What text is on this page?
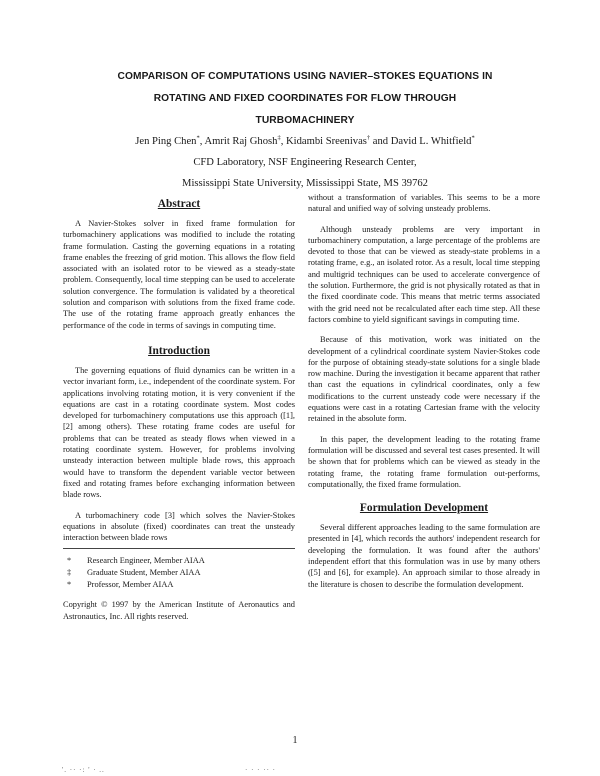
COMPARISON OF COMPUTATIONS USING NAVIER–STOKES EQUATIONS IN
ROTATING AND FIXED COORDINATES FOR FLOW THROUGH
TURBOMACHINERY
Jen Ping Chen*, Amrit Raj Ghosh‡, Kidambi Sreenivas† and David L. Whitfield*
CFD Laboratory, NSF Engineering Research Center,
Mississippi State University, Mississippi State, MS 39762
Abstract

A Navier-Stokes solver in fixed frame formulation for turbomachinery applications was modified to include the rotating frame formulation. Casting the governing equations in a rotating frame enables the freezing of grid motion. This allows the flow field associated with an isolated rotor to be viewed as a steady-state problem. Consequently, local time stepping can be used to accelerate solution convergence. The formulation is validated by a theoretical solution and comparison with solutions from the fixed frame code. The use of the rotating frame approach greatly enhances the performance of the code in terms of savings in computing time.

Introduction

The governing equations of fluid dynamics can be written in a vector invariant form, i.e., independent of the coordinate system. For applications involving rotating motion, it is very convenient if the equations are cast in a rotating coordinate system. Most codes developed for turbomachinery computations use this approach ([1], [2] among others). These rotating frame codes are useful for problems that can be treated as steady flows when viewed in a rotating coordinate system. However, for problems involving unsteady interaction between multiple blade rows, this approach would have to transform the dependent variable vector between fixed and rotating frames before exchanging information between blade rows.

A turbomachinery code [3] which solves the Navier-Stokes equations in absolute (fixed) coordinates can treat the unsteady interaction between blade rows

*	Research Engineer, Member AIAA
‡	Graduate Student, Member AIAA
*	Professor, Member AIAA
Copyright © 1997 by the American Institute of Aeronautics and Astronautics, Inc. All rights reserved.

without a transformation of variables. This seems to be a more natural and unified way of solving unsteady problems.

Although unsteady problems are very important in turbomachinery computation, a large percentage of the problems are devoted to those that can be viewed as steady-state problems in a rotating frame, e.g., an isolated rotor. As a result, local time stepping and multigrid techniques can be used to accelerate convergence of the solution. Furthermore, the grid is not physically rotated as that in the fixed coordinate code. This means that metric terms associated with the grid need not be recalculated after each time step. All these factors combine to yield significant savings in computing time.

Because of this motivation, work was initiated on the development of a cylindrical coordinate system Navier-Stokes code for the purpose of obtaining steady-state solutions for a single blade row machine. During the investigation it became apparent that rather than cast the equations in cylindrical coordinates, only a few modifications to the current unsteady code were necessary if the equations were cast in a rotating Cartesian frame with the velocity retained in the absolute form.

In this paper, the development leading to the rotating frame formulation will be discussed and several test cases presented. It will be shown that for problems which can be viewed as steady in the rotating frame, the rotating frame formulation out-performs, computationally, the fixed frame formulation.

Formulation Development

Several different approaches leading to the same formulation are presented in [4], which records the authors' independent research for developing the formulation. It was found after the authors' independent effort that this formulation was in use by many others ([5] and [6], for example). An approach similar to those already in the literature is chosen to describe the formulation development.

1
'. ·· ·: ' · ..	· · · ·· ·
